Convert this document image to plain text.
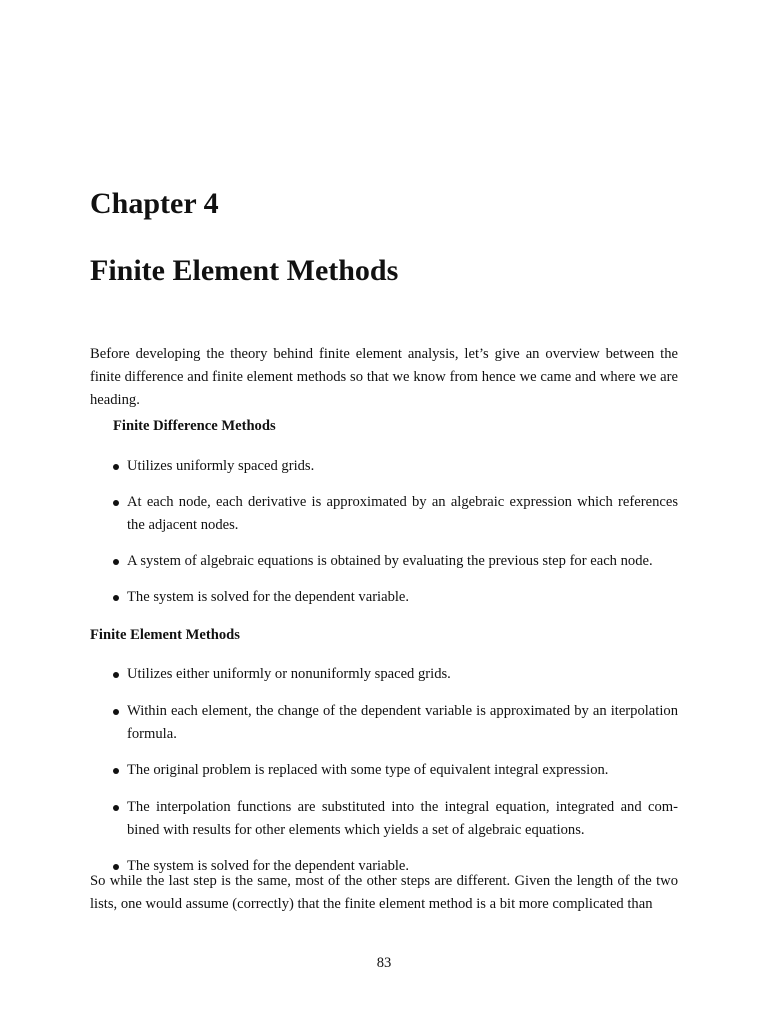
Chapter 4
Finite Element Methods

Before developing the theory behind finite element analysis, let’s give an overview between the finite difference and finite element methods so that we know from hence we came and where we are heading.

Finite Difference Methods
Utilizes uniformly spaced grids.
At each node, each derivative is approximated by an algebraic expression which references the adjacent nodes.
A system of algebraic equations is obtained by evaluating the previous step for each node.
The system is solved for the dependent variable.
Finite Element Methods
Utilizes either uniformly or nonuniformly spaced grids.
Within each element, the change of the dependent variable is approximated by an iterpolation formula.
The original problem is replaced with some type of equivalent integral expression.
The interpolation functions are substituted into the integral equation, integrated and com-bined with results for other elements which yields a set of algebraic equations.
The system is solved for the dependent variable.

So while the last step is the same, most of the other steps are different. Given the length of the two lists, one would assume (correctly) that the finite element method is a bit more complicated than

83
